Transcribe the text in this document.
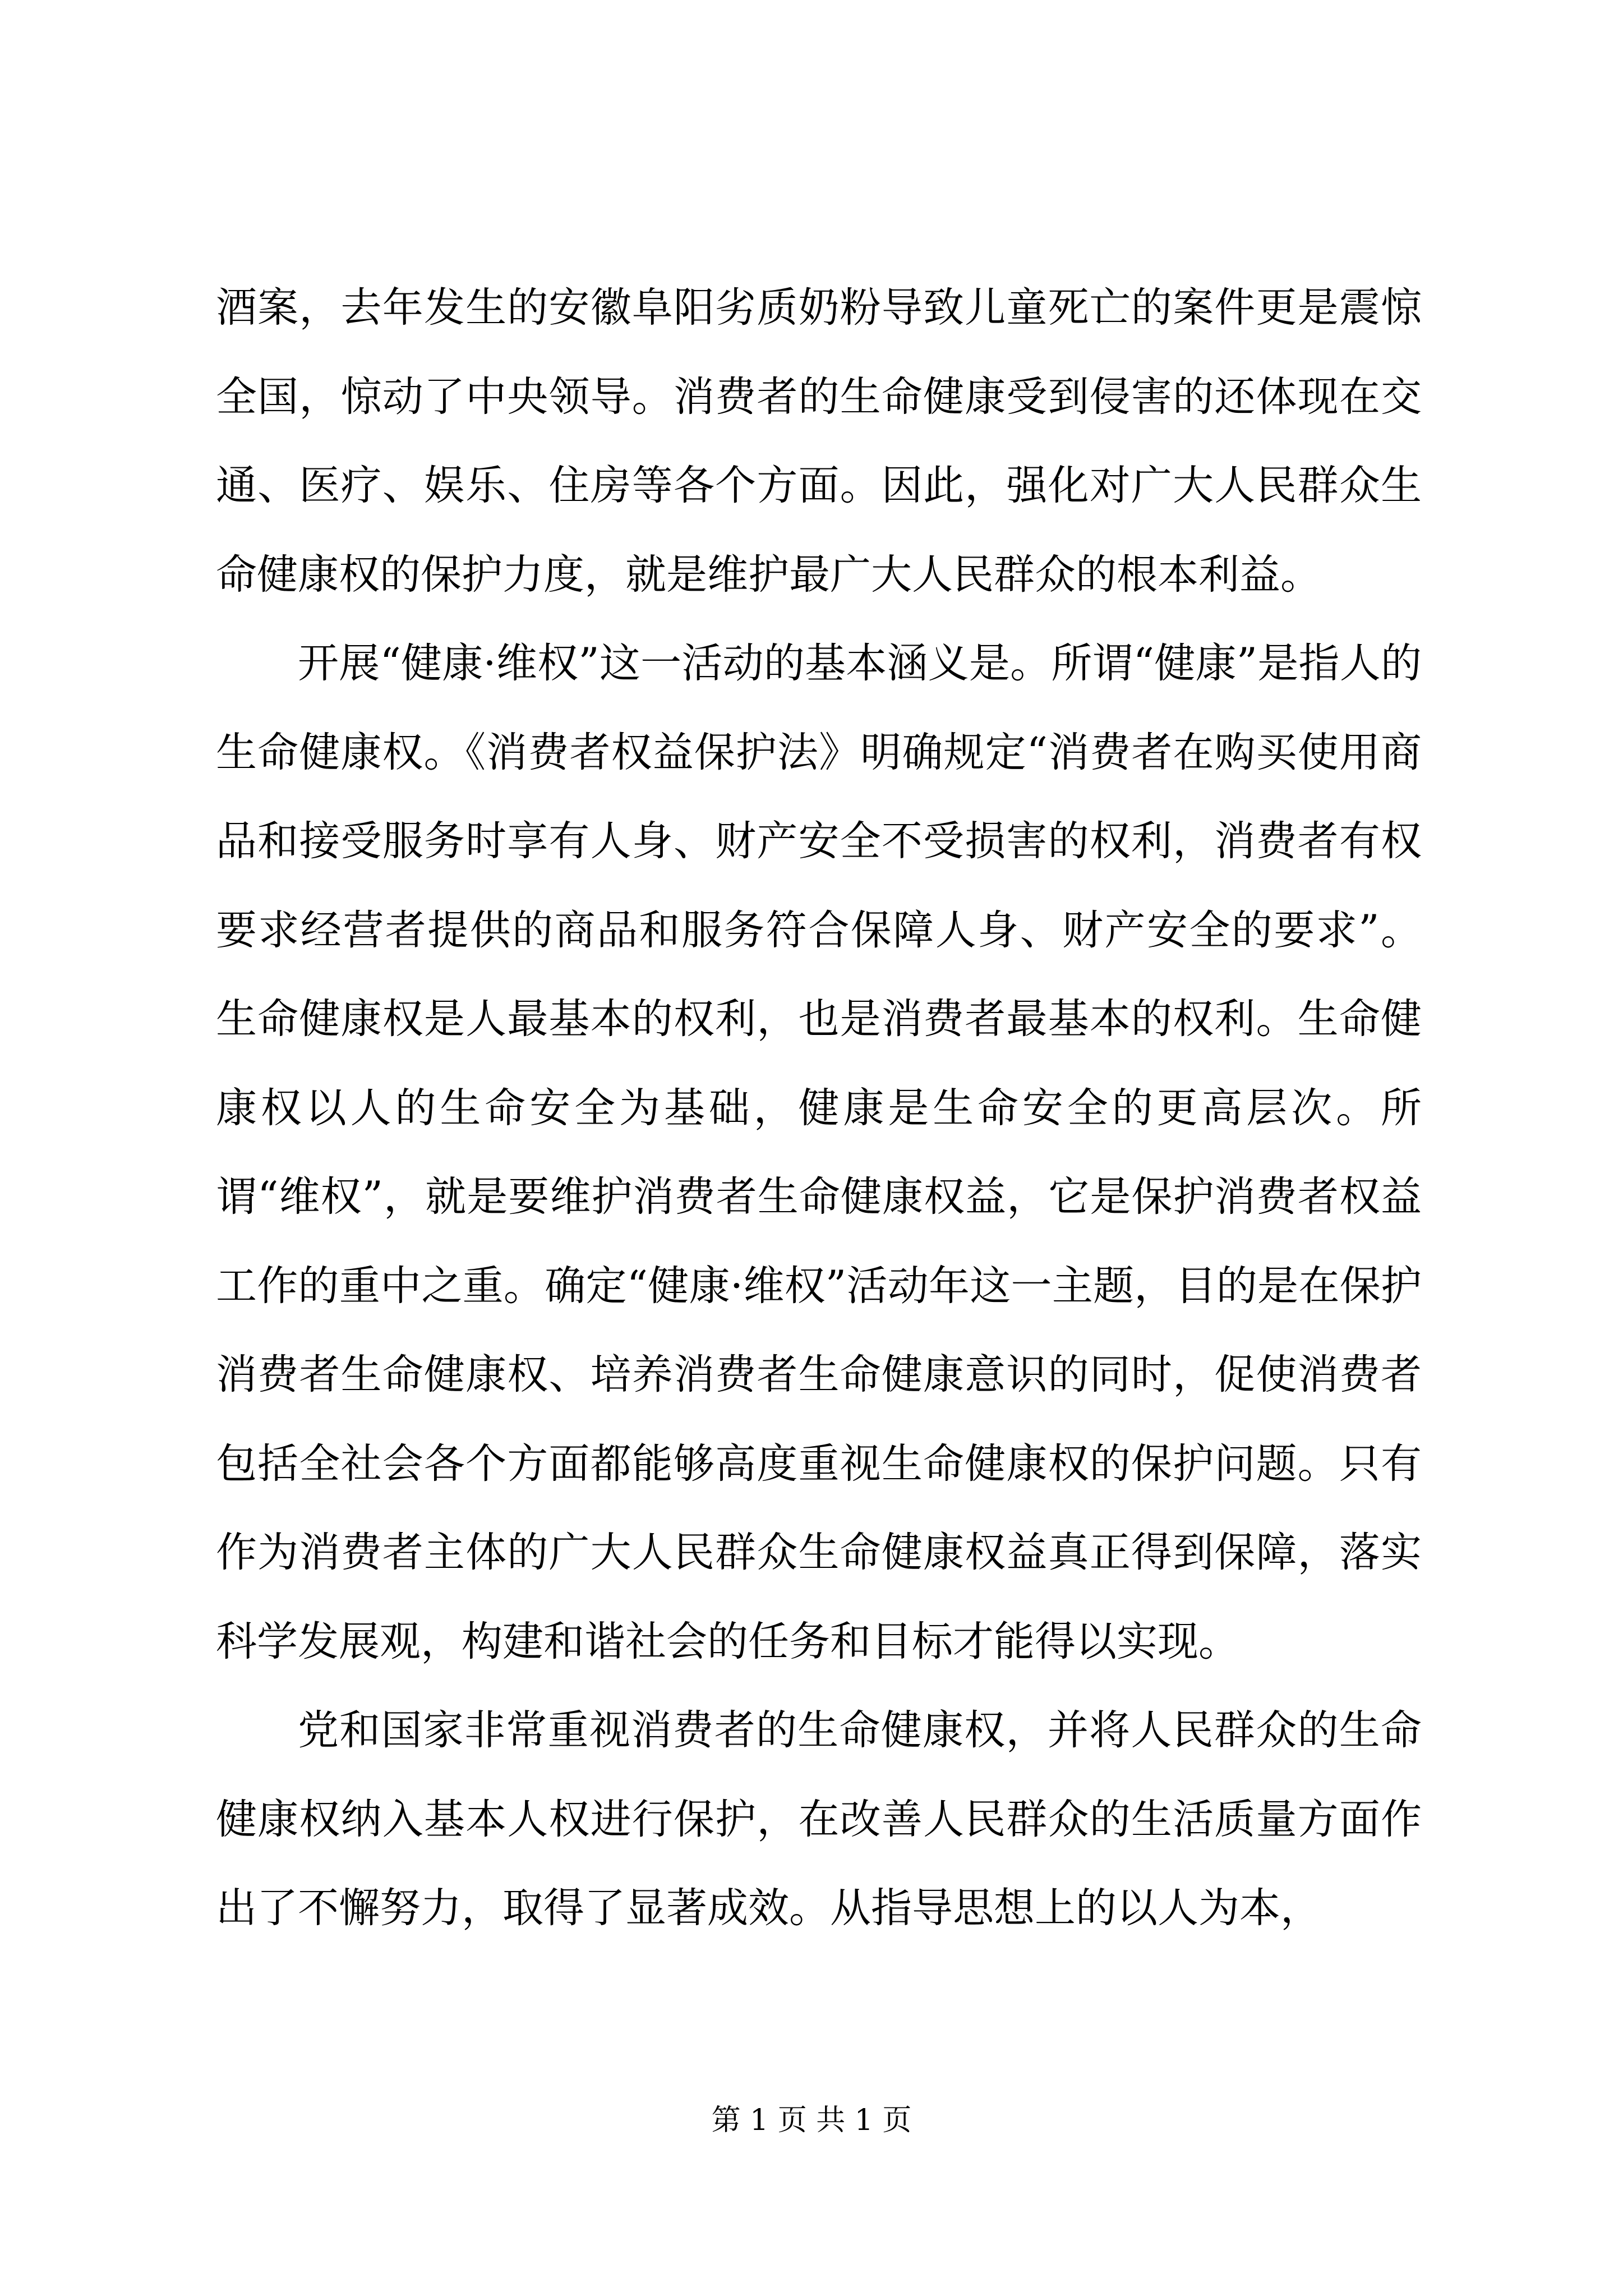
酒案，去年发生的安徽阜阳劣质奶粉导致儿童死亡的案件更是震惊全国，惊动了中央领导。消费者的生命健康受到侵害的还体现在交通、医疗、娱乐、住房等各个方面。因此，强化对广大人民群众生命健康权的保护力度，就是维护最广大人民群众的根本利益。

开展“健康·维权”这一活动的基本涵义是。所谓“健康”是指人的生命健康权。《消费者权益保护法》明确规定“消费者在购买使用商品和接受服务时享有人身、财产安全不受损害的权利，消费者有权要求经营者提供的商品和服务符合保障人身、财产安全的要求”。生命健康权是人最基本的权利，也是消费者最基本的权利。生命健康权以人的生命安全为基础，健康是生命安全的更高层次。所谓“维权”，就是要维护消费者生命健康权益，它是保护消费者权益工作的重中之重。确定“健康·维权”活动年这一主题，目的是在保护消费者生命健康权、培养消费者生命健康意识的同时，促使消费者包括全社会各个方面都能够高度重视生命健康权的保护问题。只有作为消费者主体的广大人民群众生命健康权益真正得到保障，落实科学发展观，构建和谐社会的任务和目标才能得以实现。

党和国家非常重视消费者的生命健康权，并将人民群众的生命健康权纳入基本人权进行保护，在改善人民群众的生活质量方面作出了不懈努力，取得了显著成效。从指导思想上的以人为本，

第 1 页 共 1 页
